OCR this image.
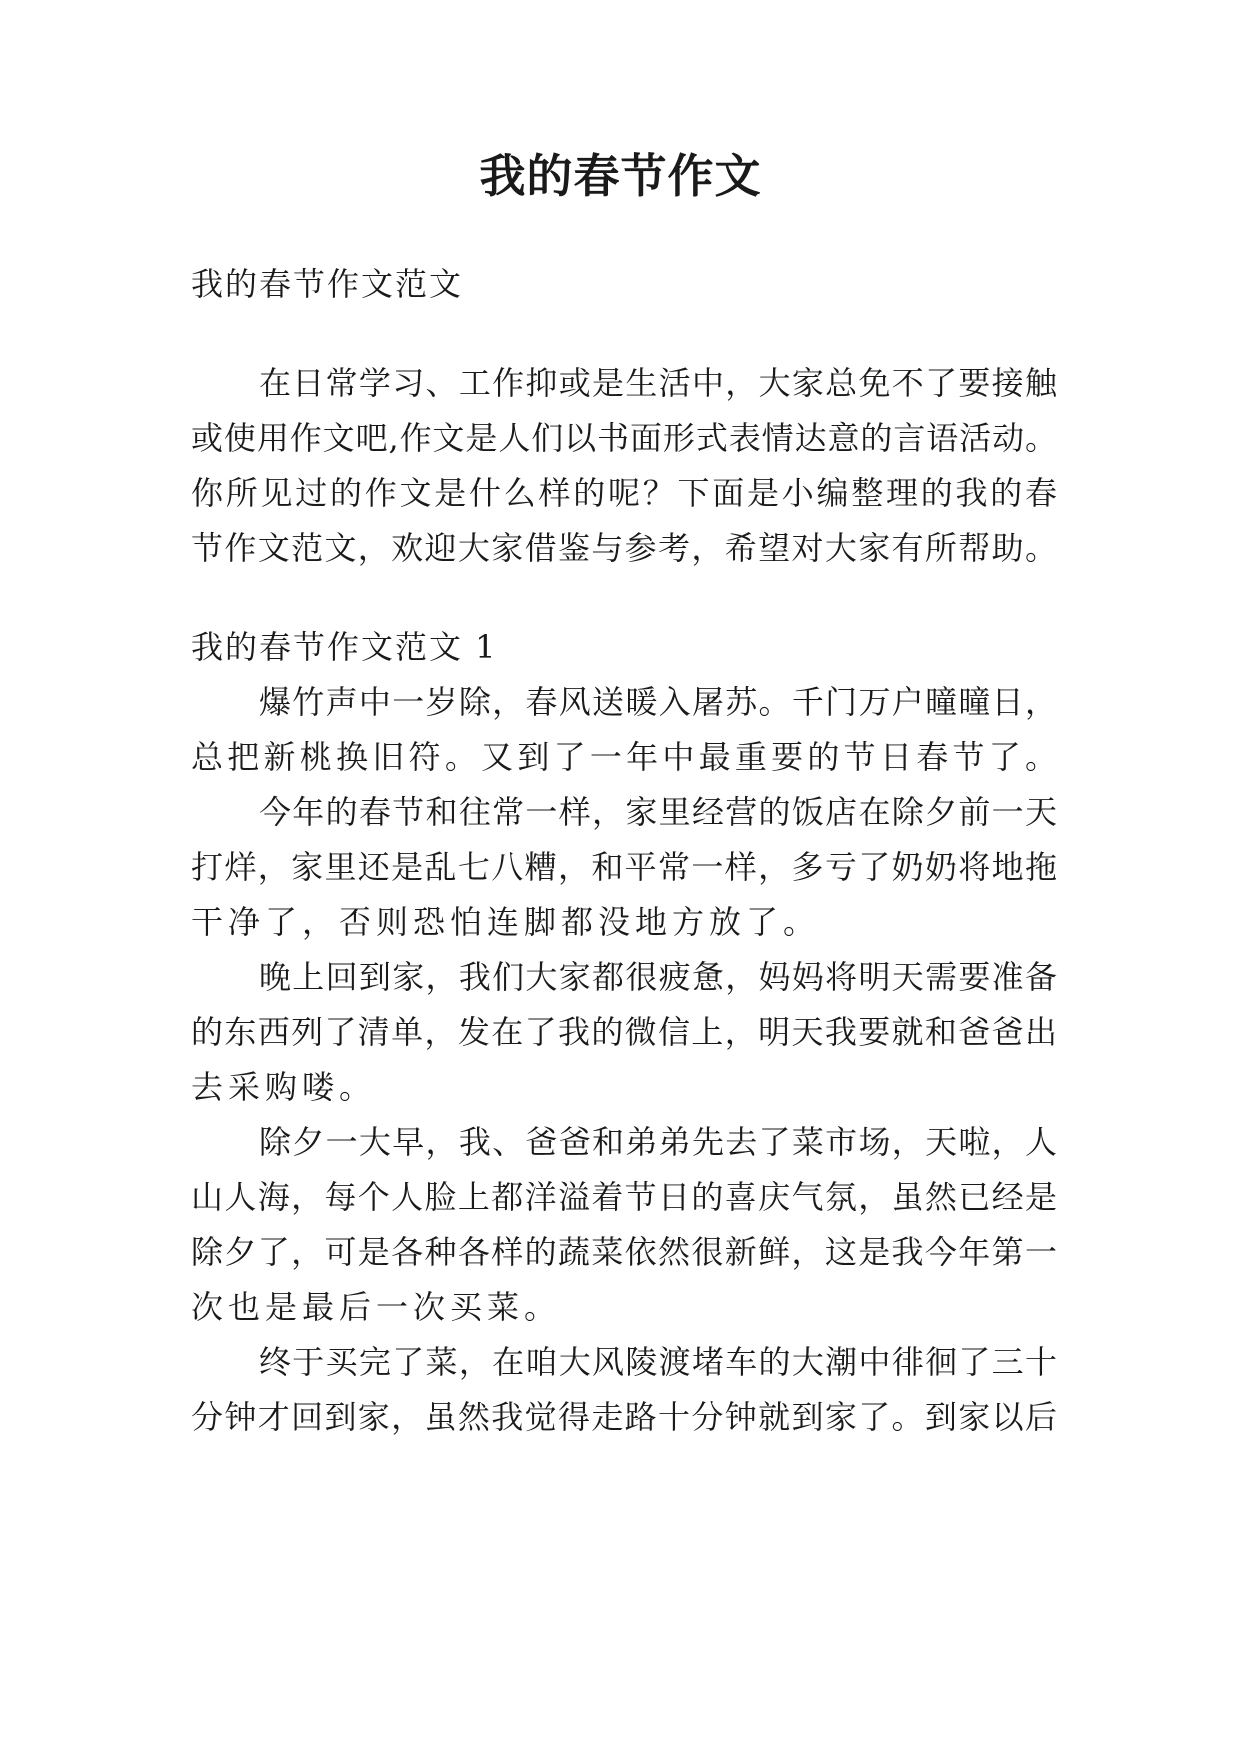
我的春节作文
我的春节作文范文
在日常学习、工作抑或是生活中，大家总免不了要接触
或使用作文吧,作文是人们以书面形式表情达意的言语活动。
你所见过的作文是什么样的呢？下面是小编整理的我的春
节作文范文，欢迎大家借鉴与参考，希望对大家有所帮助。
我的春节作文范文 1
爆竹声中一岁除，春风送暖入屠苏。千门万户曈曈日，
总把新桃换旧符。又到了一年中最重要的节日春节了。
今年的春节和往常一样，家里经营的饭店在除夕前一天
打烊，家里还是乱七八糟，和平常一样，多亏了奶奶将地拖
干净了，否则恐怕连脚都没地方放了。
晚上回到家，我们大家都很疲惫，妈妈将明天需要准备
的东西列了清单，发在了我的微信上，明天我要就和爸爸出
去采购喽。
除夕一大早，我、爸爸和弟弟先去了菜市场，天啦，人
山人海，每个人脸上都洋溢着节日的喜庆气氛，虽然已经是
除夕了，可是各种各样的蔬菜依然很新鲜，这是我今年第一
次也是最后一次买菜。
终于买完了菜，在咱大风陵渡堵车的大潮中徘徊了三十
分钟才回到家，虽然我觉得走路十分钟就到家了。到家以后
